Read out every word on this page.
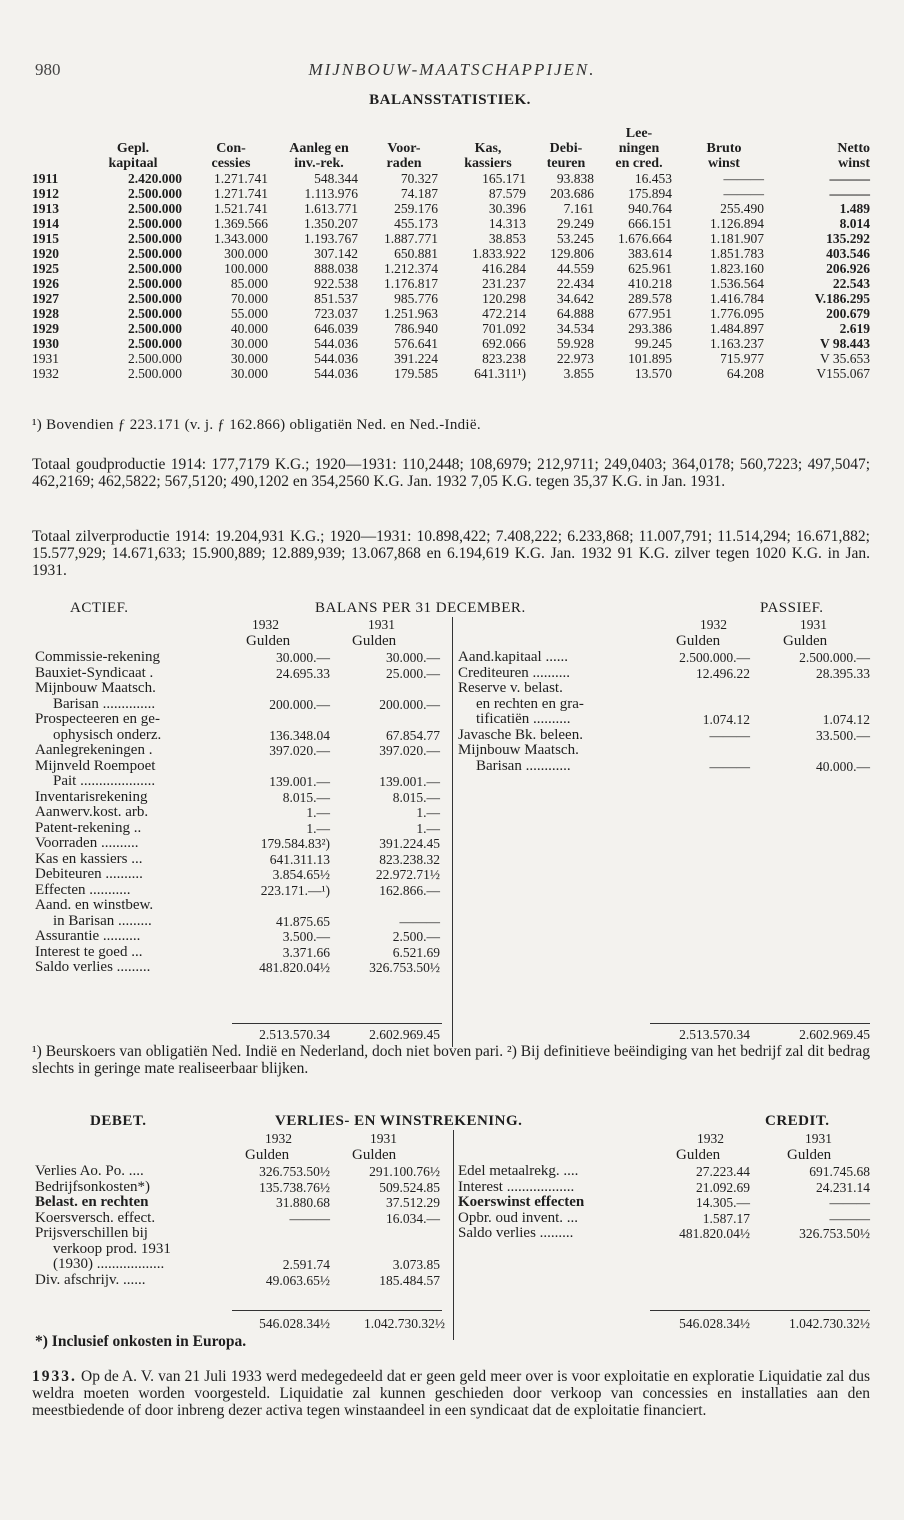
980	MIJNBOUW-MAATSCHAPPIJEN.
BALANSSTATISTIEK.
							Lee-		
	Gepl.	Con-	Aanleg en	Voor-	Kas,	Debi-	ningen	Bruto	Netto
	kapitaal	cessies	inv.-rek.	raden	kassiers	teuren	en cred.	winst	winst
1911	2.420.000	1.271.741	548.344	70.327	165.171	93.838	16.453	———	———
1912	2.500.000	1.271.741	1.113.976	74.187	87.579	203.686	175.894	———	———
1913	2.500.000	1.521.741	1.613.771	259.176	30.396	7.161	940.764	255.490	1.489
1914	2.500.000	1.369.566	1.350.207	455.173	14.313	29.249	666.151	1.126.894	8.014
1915	2.500.000	1.343.000	1.193.767	1.887.771	38.853	53.245	1.676.664	1.181.907	135.292
1920	2.500.000	300.000	307.142	650.881	1.833.922	129.806	383.614	1.851.783	403.546
1925	2.500.000	100.000	888.038	1.212.374	416.284	44.559	625.961	1.823.160	206.926
1926	2.500.000	85.000	922.538	1.176.817	231.237	22.434	410.218	1.536.564	22.543
1927	2.500.000	70.000	851.537	985.776	120.298	34.642	289.578	1.416.784	V.186.295
1928	2.500.000	55.000	723.037	1.251.963	472.214	64.888	677.951	1.776.095	200.679
1929	2.500.000	40.000	646.039	786.940	701.092	34.534	293.386	1.484.897	2.619
1930	2.500.000	30.000	544.036	576.641	692.066	59.928	99.245	1.163.237	V 98.443
1931	2.500.000	30.000	544.036	391.224	823.238	22.973	101.895	715.977	V 35.653
1932	2.500.000	30.000	544.036	179.585	641.311¹)	3.855	13.570	64.208	V155.067
¹) Bovendien ƒ 223.171 (v. j. ƒ 162.866) obligatiën Ned. en Ned.-Indië.
Totaal goudproductie 1914: 177,7179 K.G.; 1920—1931: 110,2448; 108,6979; 212,9711; 249,0403; 364,0178; 560,7223; 497,5047; 462,2169; 462,5822; 567,5120; 490,1202 en 354,2560 K.G. Jan. 1932 7,05 K.G. tegen 35,37 K.G. in Jan. 1931.
Totaal zilverproductie 1914: 19.204,931 K.G.; 1920—1931: 10.898,422; 7.408,222; 6.233,868; 11.007,791; 11.514,294; 16.671,882; 15.577,929; 14.671,633; 15.900,889; 12.889,939; 13.067,868 en 6.194,619 K.G. Jan. 1932 91 K.G. zilver tegen 1020 K.G. in Jan. 1931.
ACTIEF.	BALANS PER 31 DECEMBER.	PASSIEF.
1932	1931
Gulden	Gulden
1932	1931
Gulden	Gulden
Commissie-rekening	30.000.—	30.000.—
Bauxiet-Syndicaat .	24.695.33	25.000.—
Mijnbouw Maatsch.
Barisan ..............	200.000.—	200.000.—
Prospecteeren en ge-
ophysisch onderz.	136.348.04	67.854.77
Aanlegrekeningen .	397.020.—	397.020.—
Mijnveld Roempoet
Pait ....................	139.001.—	139.001.—
Inventarisrekening	8.015.—	8.015.—
Aanwerv.kost. arb.	1.—	1.—
Patent-rekening ..	1.—	1.—
Voorraden ..........	179.584.83²)	391.224.45
Kas en kassiers ...	641.311.13	823.238.32
Debiteuren ..........	3.854.65½	22.972.71½
Effecten ...........	223.171.—¹)	162.866.—
Aand. en winstbew.
in Barisan .........	41.875.65	———
Assurantie ..........	3.500.—	2.500.—
Interest te goed ...	3.371.66	6.521.69
Saldo verlies .........	481.820.04½	326.753.50½
Aand.kapitaal ......	2.500.000.—	2.500.000.—
Crediteuren ..........	12.496.22	28.395.33
Reserve v. belast.
en rechten en gra-
tificatiën ..........	1.074.12	1.074.12
Javasche Bk. beleen.	———	33.500.—
Mijnbouw Maatsch.
Barisan ............	———	40.000.—
2.513.570.34	2.602.969.45	2.513.570.34	2.602.969.45
¹) Beurskoers van obligatiën Ned. Indië en Nederland, doch niet boven pari. ²) Bij definitieve beëindiging van het bedrijf zal dit bedrag slechts in geringe mate realiseerbaar blijken.
DEBET.	VERLIES- EN WINSTREKENING.	CREDIT.
1932	1931
Gulden	Gulden
1932	1931
Gulden	Gulden
Verlies Ao. Po. ....	326.753.50½	291.100.76½
Bedrijfsonkosten*)	135.738.76½	509.524.85
Belast. en rechten	31.880.68	37.512.29
Koersversch. effect.	———	16.034.—
Prijsverschillen bij
verkoop prod. 1931
(1930) ..................	2.591.74	3.073.85
Div. afschrijv. ......	49.063.65½	185.484.57
Edel metaalrekg. ....	27.223.44	691.745.68
Interest ..................	21.092.69	24.231.14
Koerswinst effecten	14.305.—	———
Opbr. oud invent. ...	1.587.17	———
Saldo verlies .........	481.820.04½	326.753.50½
546.028.34½	1.042.730.32½	546.028.34½	1.042.730.32½
*) Inclusief onkosten in Europa.
1933. Op de A. V. van 21 Juli 1933 werd medegedeeld dat er geen geld meer over is voor exploitatie en exploratie Liquidatie zal dus weldra moeten worden voorgesteld. Liquidatie zal kunnen geschieden door verkoop van concessies en installaties aan den meestbiedende of door inbreng dezer activa tegen winstaandeel in een syndicaat dat de exploitatie financiert.
